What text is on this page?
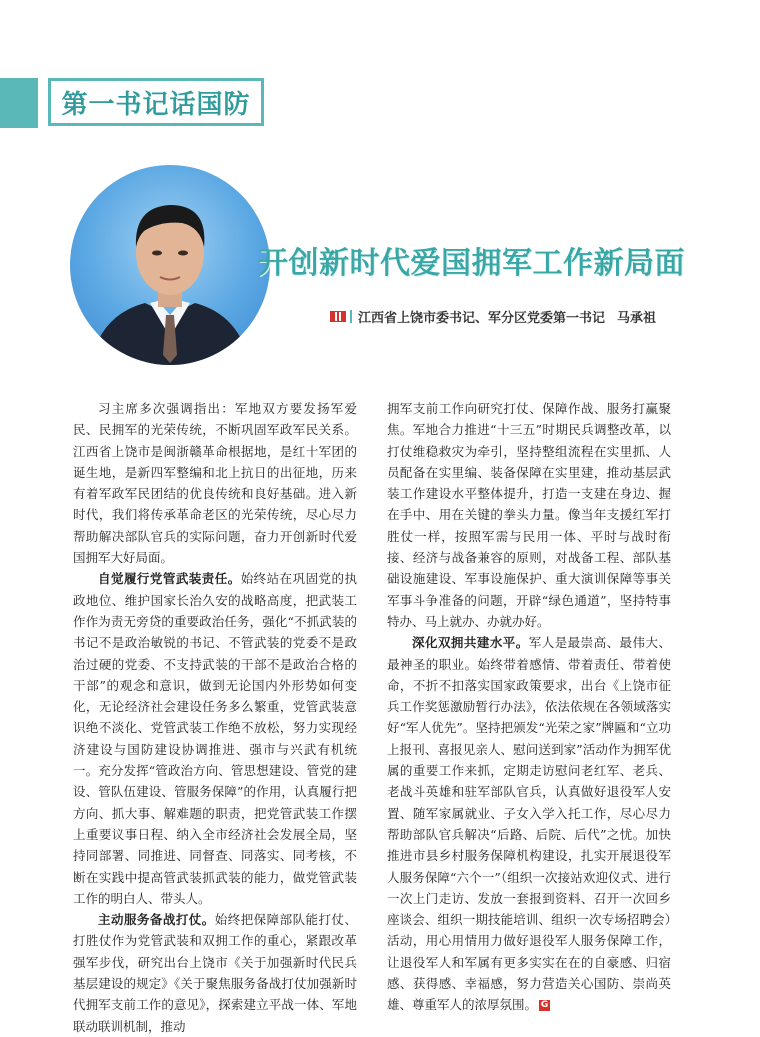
第一书记话国防
开创新时代爱国拥军工作新局面
江西省上饶市委书记、军分区党委第一书记 马承祖

习主席多次强调指出：军地双方要发扬军爱民、民拥军的光荣传统，不断巩固军政军民关系。江西省上饶市是闽浙赣革命根据地，是红十军团的诞生地，是新四军整编和北上抗日的出征地，历来有着军政军民团结的优良传统和良好基础。进入新时代，我们将传承革命老区的光荣传统，尽心尽力帮助解决部队官兵的实际问题，奋力开创新时代爱国拥军大好局面。

自觉履行党管武装责任。始终站在巩固党的执政地位、维护国家长治久安的战略高度，把武装工作作为责无旁贷的重要政治任务，强化“不抓武装的书记不是政治敏锐的书记、不管武装的党委不是政治过硬的党委、不支持武装的干部不是政治合格的干部”的观念和意识，做到无论国内外形势如何变化，无论经济社会建设任务多么繁重，党管武装意识绝不淡化、党管武装工作绝不放松，努力实现经济建设与国防建设协调推进、强市与兴武有机统一。充分发挥“管政治方向、管思想建设、管党的建设、管队伍建设、管服务保障”的作用，认真履行把方向、抓大事、解难题的职责，把党管武装工作摆上重要议事日程、纳入全市经济社会发展全局，坚持同部署、同推进、同督查、同落实、同考核，不断在实践中提高管武装抓武装的能力，做党管武装工作的明白人、带头人。

主动服务备战打仗。始终把保障部队能打仗、打胜仗作为党管武装和双拥工作的重心，紧跟改革强军步伐，研究出台上饶市《关于加强新时代民兵基层建设的规定》《关于聚焦服务备战打仗加强新时代拥军支前工作的意见》，探索建立平战一体、军地联动联训机制，推动

拥军支前工作向研究打仗、保障作战、服务打赢聚焦。军地合力推进“十三五”时期民兵调整改革，以打仗维稳救灾为牵引，坚持整组流程在实里抓、人员配备在实里编、装备保障在实里建，推动基层武装工作建设水平整体提升，打造一支建在身边、握在手中、用在关键的拳头力量。像当年支援红军打胜仗一样，按照军需与民用一体、平时与战时衔接、经济与战备兼容的原则，对战备工程、部队基础设施建设、军事设施保护、重大演训保障等事关军事斗争准备的问题，开辟“绿色通道”，坚持特事特办、马上就办、办就办好。

深化双拥共建水平。军人是最崇高、最伟大、最神圣的职业。始终带着感情、带着责任、带着使命，不折不扣落实国家政策要求，出台《上饶市征兵工作奖惩激励暂行办法》，依法依规在各领域落实好“军人优先”。坚持把颁发“光荣之家”牌匾和“立功上报刊、喜报见亲人、慰问送到家”活动作为拥军优属的重要工作来抓，定期走访慰问老红军、老兵、老战斗英雄和驻军部队官兵，认真做好退役军人安置、随军家属就业、子女入学入托工作，尽心尽力帮助部队官兵解决“后路、后院、后代”之忧。加快推进市县乡村服务保障机构建设，扎实开展退役军人服务保障“六个一”（组织一次接站欢迎仪式、进行一次上门走访、发放一套报到资料、召开一次回乡座谈会、组织一期技能培训、组织一次专场招聘会）活动，用心用情用力做好退役军人服务保障工作，让退役军人和军属有更多实实在在的自豪感、归宿感、获得感、幸福感，努力营造关心国防、崇尚英雄、尊重军人的浓厚氛围。 G
